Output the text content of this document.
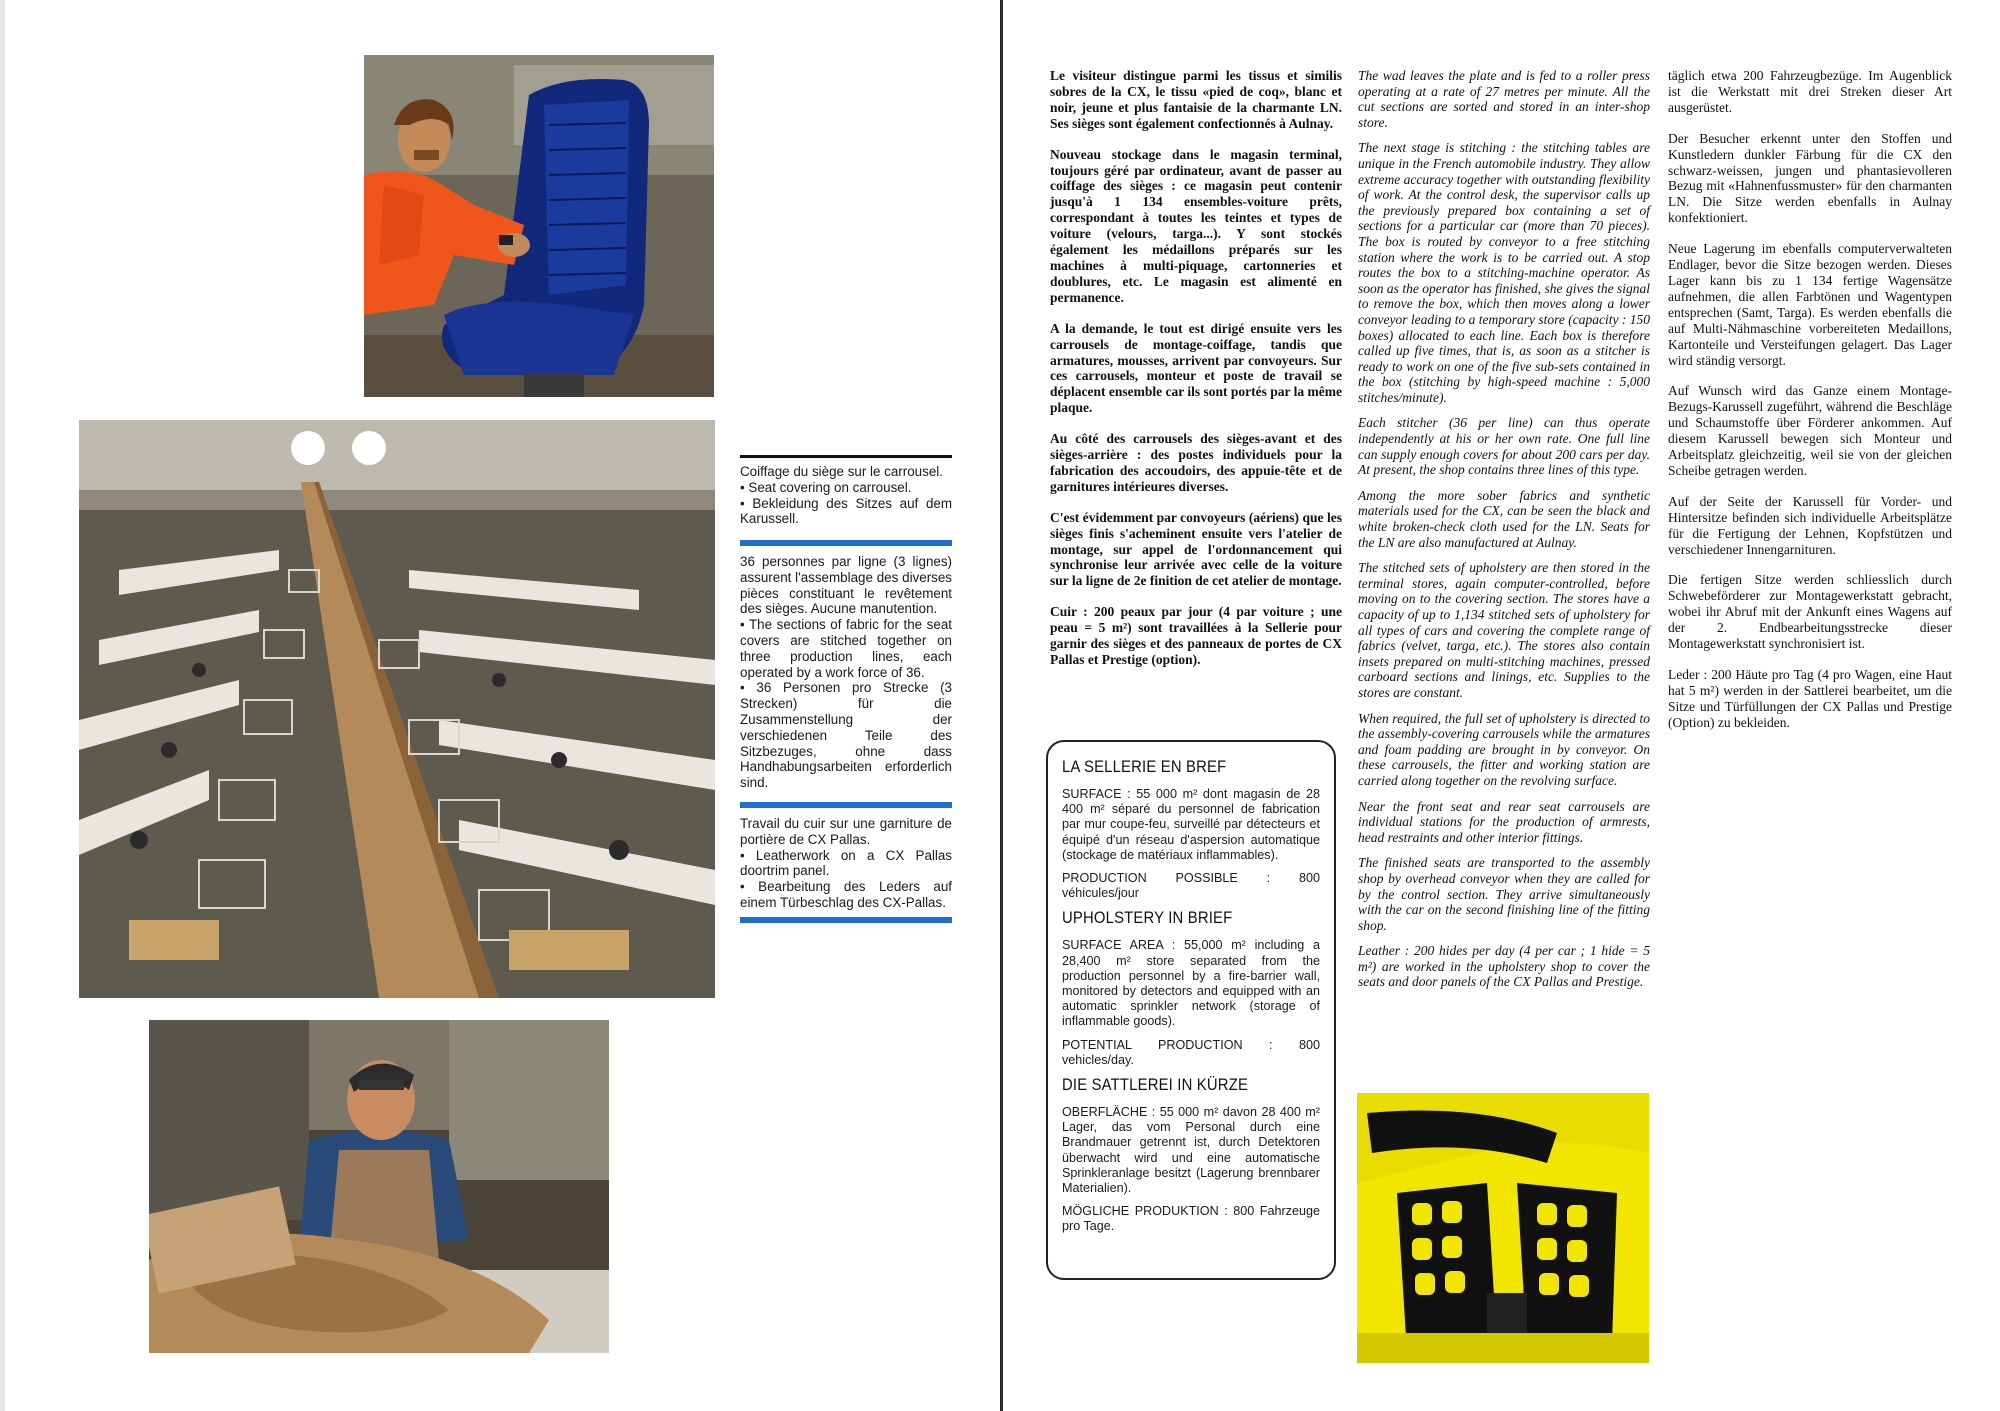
Coiffage du siège sur le carrousel.

• Seat covering on carrousel.

• Bekleidung des Sitzes auf dem Karussell.

36 personnes par ligne (3 lignes) assurent l'assemblage des diverses pièces constituant le revêtement des sièges. Aucune manutention.

• The sections of fabric for the seat covers are stitched together on three production lines, each operated by a work force of 36.

• 36 Personen pro Strecke (3 Strecken) für die Zusammenstellung der verschiedenen Teile des Sitzbezuges, ohne dass Handhabungsarbeiten erforderlich sind.

Travail du cuir sur une garniture de portière de CX Pallas.

• Leatherwork on a CX Pallas doortrim panel.

• Bearbeitung des Leders auf einem Türbeschlag des CX-Pallas.

Le visiteur distingue parmi les tissus et similis sobres de la CX, le tissu «pied de coq», blanc et noir, jeune et plus fantaisie de la charmante LN. Ses sièges sont également confectionnés à Aulnay.

Nouveau stockage dans le magasin terminal, toujours géré par ordinateur, avant de passer au coiffage des sièges : ce magasin peut contenir jusqu'à 1 134 ensembles-voiture prêts, correspondant à toutes les teintes et types de voiture (velours, targa...). Y sont stockés également les médaillons préparés sur les machines à multi-piquage, cartonneries et doublures, etc. Le magasin est alimenté en permanence.

A la demande, le tout est dirigé ensuite vers les carrousels de montage-coiffage, tandis que armatures, mousses, arrivent par convoyeurs. Sur ces carrousels, monteur et poste de travail se déplacent ensemble car ils sont portés par la même plaque.

Au côté des carrousels des sièges-avant et des sièges-arrière : des postes individuels pour la fabrication des accoudoirs, des appuie-tête et de garnitures intérieures diverses.

C'est évidemment par convoyeurs (aériens) que les sièges finis s'acheminent ensuite vers l'atelier de montage, sur appel de l'ordonnancement qui synchronise leur arrivée avec celle de la voiture sur la ligne de 2e finition de cet atelier de montage.

Cuir : 200 peaux par jour (4 par voiture ; une peau = 5 m²) sont travaillées à la Sellerie pour garnir des sièges et des panneaux de portes de CX Pallas et Prestige (option).

LA SELLERIE EN BREF
SURFACE : 55 000 m² dont magasin de 28 400 m² séparé du personnel de fabrication par mur coupe-feu, surveillé par détecteurs et équipé d'un réseau d'aspersion automatique (stockage de matériaux inflammables).
PRODUCTION POSSIBLE : 800 véhicules/jour
UPHOLSTERY IN BRIEF
SURFACE AREA : 55,000 m² including a 28,400 m² store separated from the production personnel by a fire-barrier wall, monitored by detectors and equipped with an automatic sprinkler network (storage of inflammable goods).
POTENTIAL PRODUCTION : 800 vehicles/day.
DIE SATTLEREI IN KÜRZE
OBERFLÄCHE : 55 000 m² davon 28 400 m² Lager, das vom Personal durch eine Brandmauer getrennt ist, durch Detektoren überwacht wird und eine automatische Sprinkleranlage besitzt (Lagerung brennbarer Materialien).
MÖGLICHE PRODUKTION : 800 Fahrzeuge pro Tage.

The wad leaves the plate and is fed to a roller press operating at a rate of 27 metres per minute. All the cut sections are sorted and stored in an inter-shop store.

The next stage is stitching : the stitching tables are unique in the French automobile industry. They allow extreme accuracy together with outstanding flexibility of work. At the control desk, the supervisor calls up the previously prepared box containing a set of sections for a particular car (more than 70 pieces). The box is routed by conveyor to a free stitching station where the work is to be carried out. A stop routes the box to a stitching-machine operator. As soon as the operator has finished, she gives the signal to remove the box, which then moves along a lower conveyor leading to a temporary store (capacity : 150 boxes) allocated to each line. Each box is therefore called up five times, that is, as soon as a stitcher is ready to work on one of the five sub-sets contained in the box (stitching by high-speed machine : 5,000 stitches/minute).

Each stitcher (36 per line) can thus operate independently at his or her own rate. One full line can supply enough covers for about 200 cars per day. At present, the shop contains three lines of this type.

Among the more sober fabrics and synthetic materials used for the CX, can be seen the black and white broken-check cloth used for the LN. Seats for the LN are also manufactured at Aulnay.

The stitched sets of upholstery are then stored in the terminal stores, again computer-controlled, before moving on to the covering section. The stores have a capacity of up to 1,134 stitched sets of upholstery for all types of cars and covering the complete range of fabrics (velvet, targa, etc.). The stores also contain insets prepared on multi-stitching machines, pressed carboard sections and linings, etc. Supplies to the stores are constant.

When required, the full set of upholstery is directed to the assembly-covering carrousels while the armatures and foam padding are brought in by conveyor. On these carrousels, the fitter and working station are carried along together on the revolving surface.

Near the front seat and rear seat carrousels are individual stations for the production of armrests, head restraints and other interior fittings.

The finished seats are transported to the assembly shop by overhead conveyor when they are called for by the control section. They arrive simultaneously with the car on the second finishing line of the fitting shop.

Leather : 200 hides per day (4 per car ; 1 hide = 5 m²) are worked in the upholstery shop to cover the seats and door panels of the CX Pallas and Prestige.

täglich etwa 200 Fahrzeugbezüge. Im Augenblick ist die Werkstatt mit drei Streken dieser Art ausgerüstet.

Der Besucher erkennt unter den Stoffen und Kunstledern dunkler Färbung für die CX den schwarz-weissen, jungen und phantasievolleren Bezug mit «Hahnenfussmuster» für den charmanten LN. Die Sitze werden ebenfalls in Aulnay konfektioniert.

Neue Lagerung im ebenfalls computerverwalteten Endlager, bevor die Sitze bezogen werden. Dieses Lager kann bis zu 1 134 fertige Wagensätze aufnehmen, die allen Farbtönen und Wagentypen entsprechen (Samt, Targa). Es werden ebenfalls die auf Multi-Nähmaschine vorbereiteten Medaillons, Kartonteile und Versteifungen gelagert. Das Lager wird ständig versorgt.

Auf Wunsch wird das Ganze einem Montage-Bezugs-Karussell zugeführt, während die Beschläge und Schaumstoffe über Förderer ankommen. Auf diesem Karussell bewegen sich Monteur und Arbeitsplatz gleichzeitig, weil sie von der gleichen Scheibe getragen werden.

Auf der Seite der Karussell für Vorder- und Hintersitze befinden sich individuelle Arbeitsplätze für die Fertigung der Lehnen, Kopfstützen und verschiedener Innengarnituren.

Die fertigen Sitze werden schliesslich durch Schwebeförderer zur Montagewerkstatt gebracht, wobei ihr Abruf mit der Ankunft eines Wagens auf der 2. Endbearbeitungsstrecke dieser Montagewerkstatt synchronisiert ist.

Leder : 200 Häute pro Tag (4 pro Wagen, eine Haut hat 5 m²) werden in der Sattlerei bearbeitet, um die Sitze und Türfüllungen der CX Pallas und Prestige (Option) zu bekleiden.
